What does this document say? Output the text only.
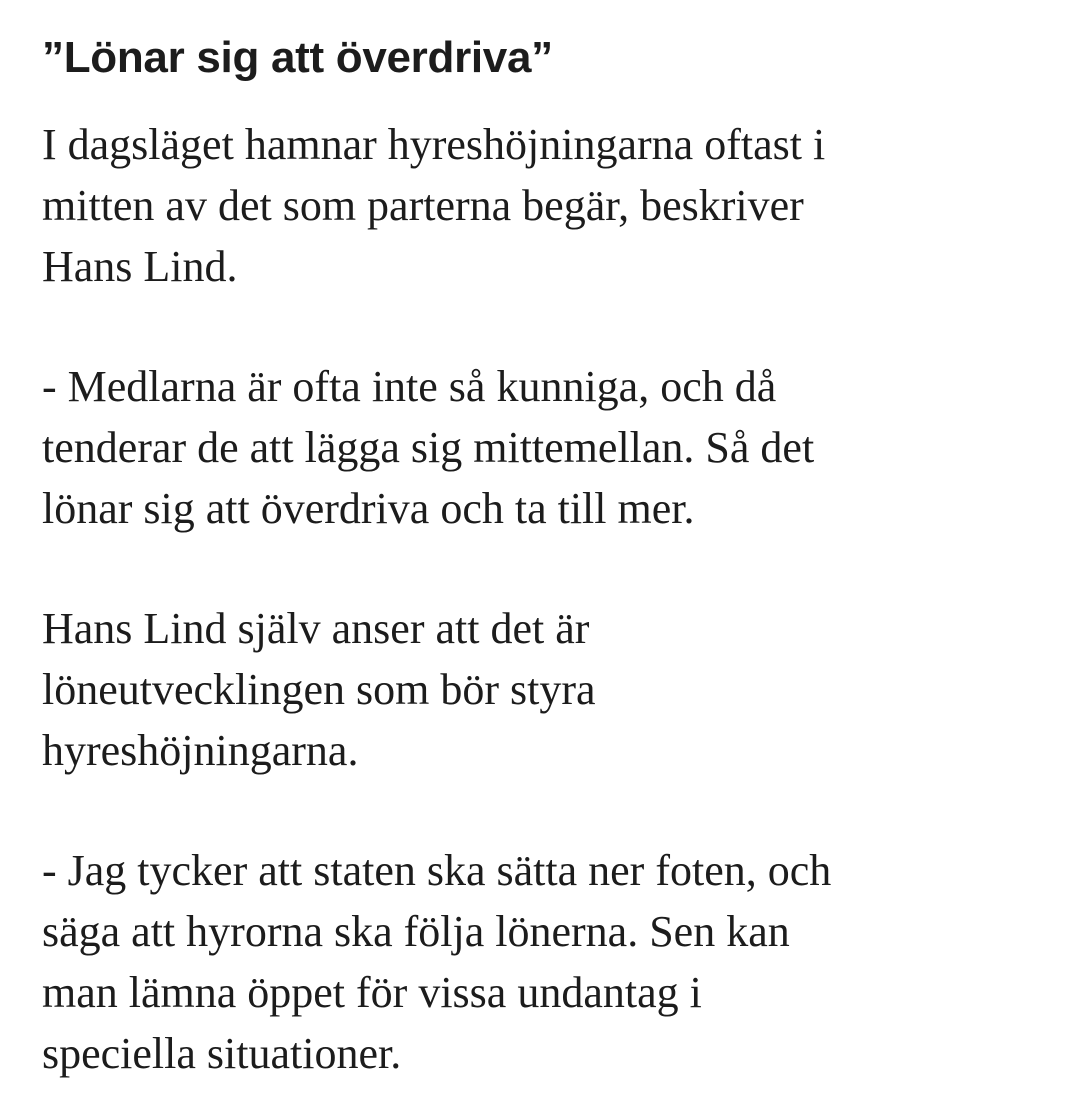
”Lönar sig att överdriva”

I dagsläget hamnar hyreshöjningarna oftast i
mitten av det som parterna begär, beskriver
Hans Lind.

- Medlarna är ofta inte så kunniga, och då
tenderar de att lägga sig mittemellan. Så det
lönar sig att överdriva och ta till mer.

Hans Lind själv anser att det är
löneutvecklingen som bör styra
hyreshöjningarna.

- Jag tycker att staten ska sätta ner foten, och
säga att hyrorna ska följa lönerna. Sen kan
man lämna öppet för vissa undantag i
speciella situationer.
